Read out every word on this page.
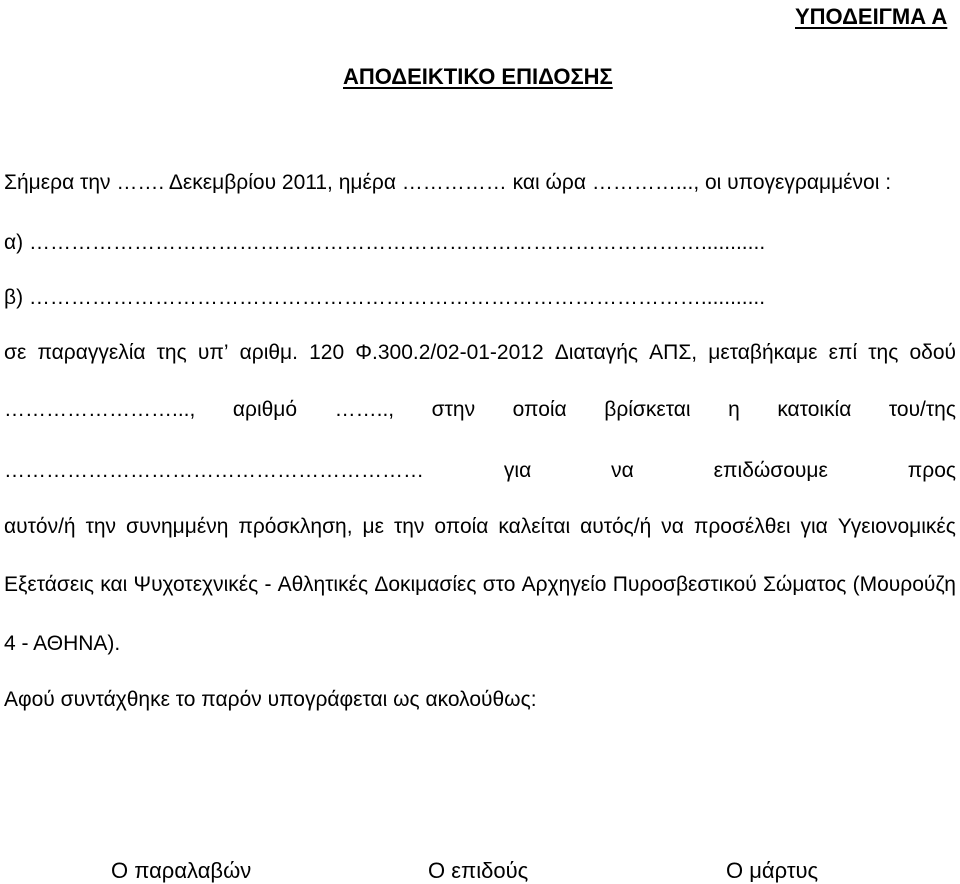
ΥΠΟΔΕΙΓΜΑ Α
ΑΠΟΔΕΙΚΤΙΚΟ ΕΠΙΔΟΣΗΣ
Σήμερα την ……. Δεκεμβρίου 2011, ημέρα …………… και ώρα …………..., οι υπογεγραμμένοι :
α) ……………………………………………………………………………………...........
β) ……………………………………………………………………………………...........
σε παραγγελία της υπ’ αριθμ. 120 Φ.300.2/02-01-2012 Διαταγής ΑΠΣ, μεταβήκαμε επί της οδού
……………………..., αριθμό …….., στην οποία βρίσκεται η κατοικία του/της
……………………………………………………	για	να	επιδώσουμε	προς
αυτόν/ή την συνημμένη πρόσκληση, με την οποία καλείται αυτός/ή να προσέλθει για Υγειονομικές
Εξετάσεις και Ψυχοτεχνικές - Αθλητικές Δοκιμασίες στο Αρχηγείο Πυροσβεστικού Σώματος (Μουρούζη
4 - ΑΘΗΝΑ).
Αφού συντάχθηκε το παρόν υπογράφεται ως ακολούθως:
Ο παραλαβών	Ο επιδούς	Ο μάρτυς
